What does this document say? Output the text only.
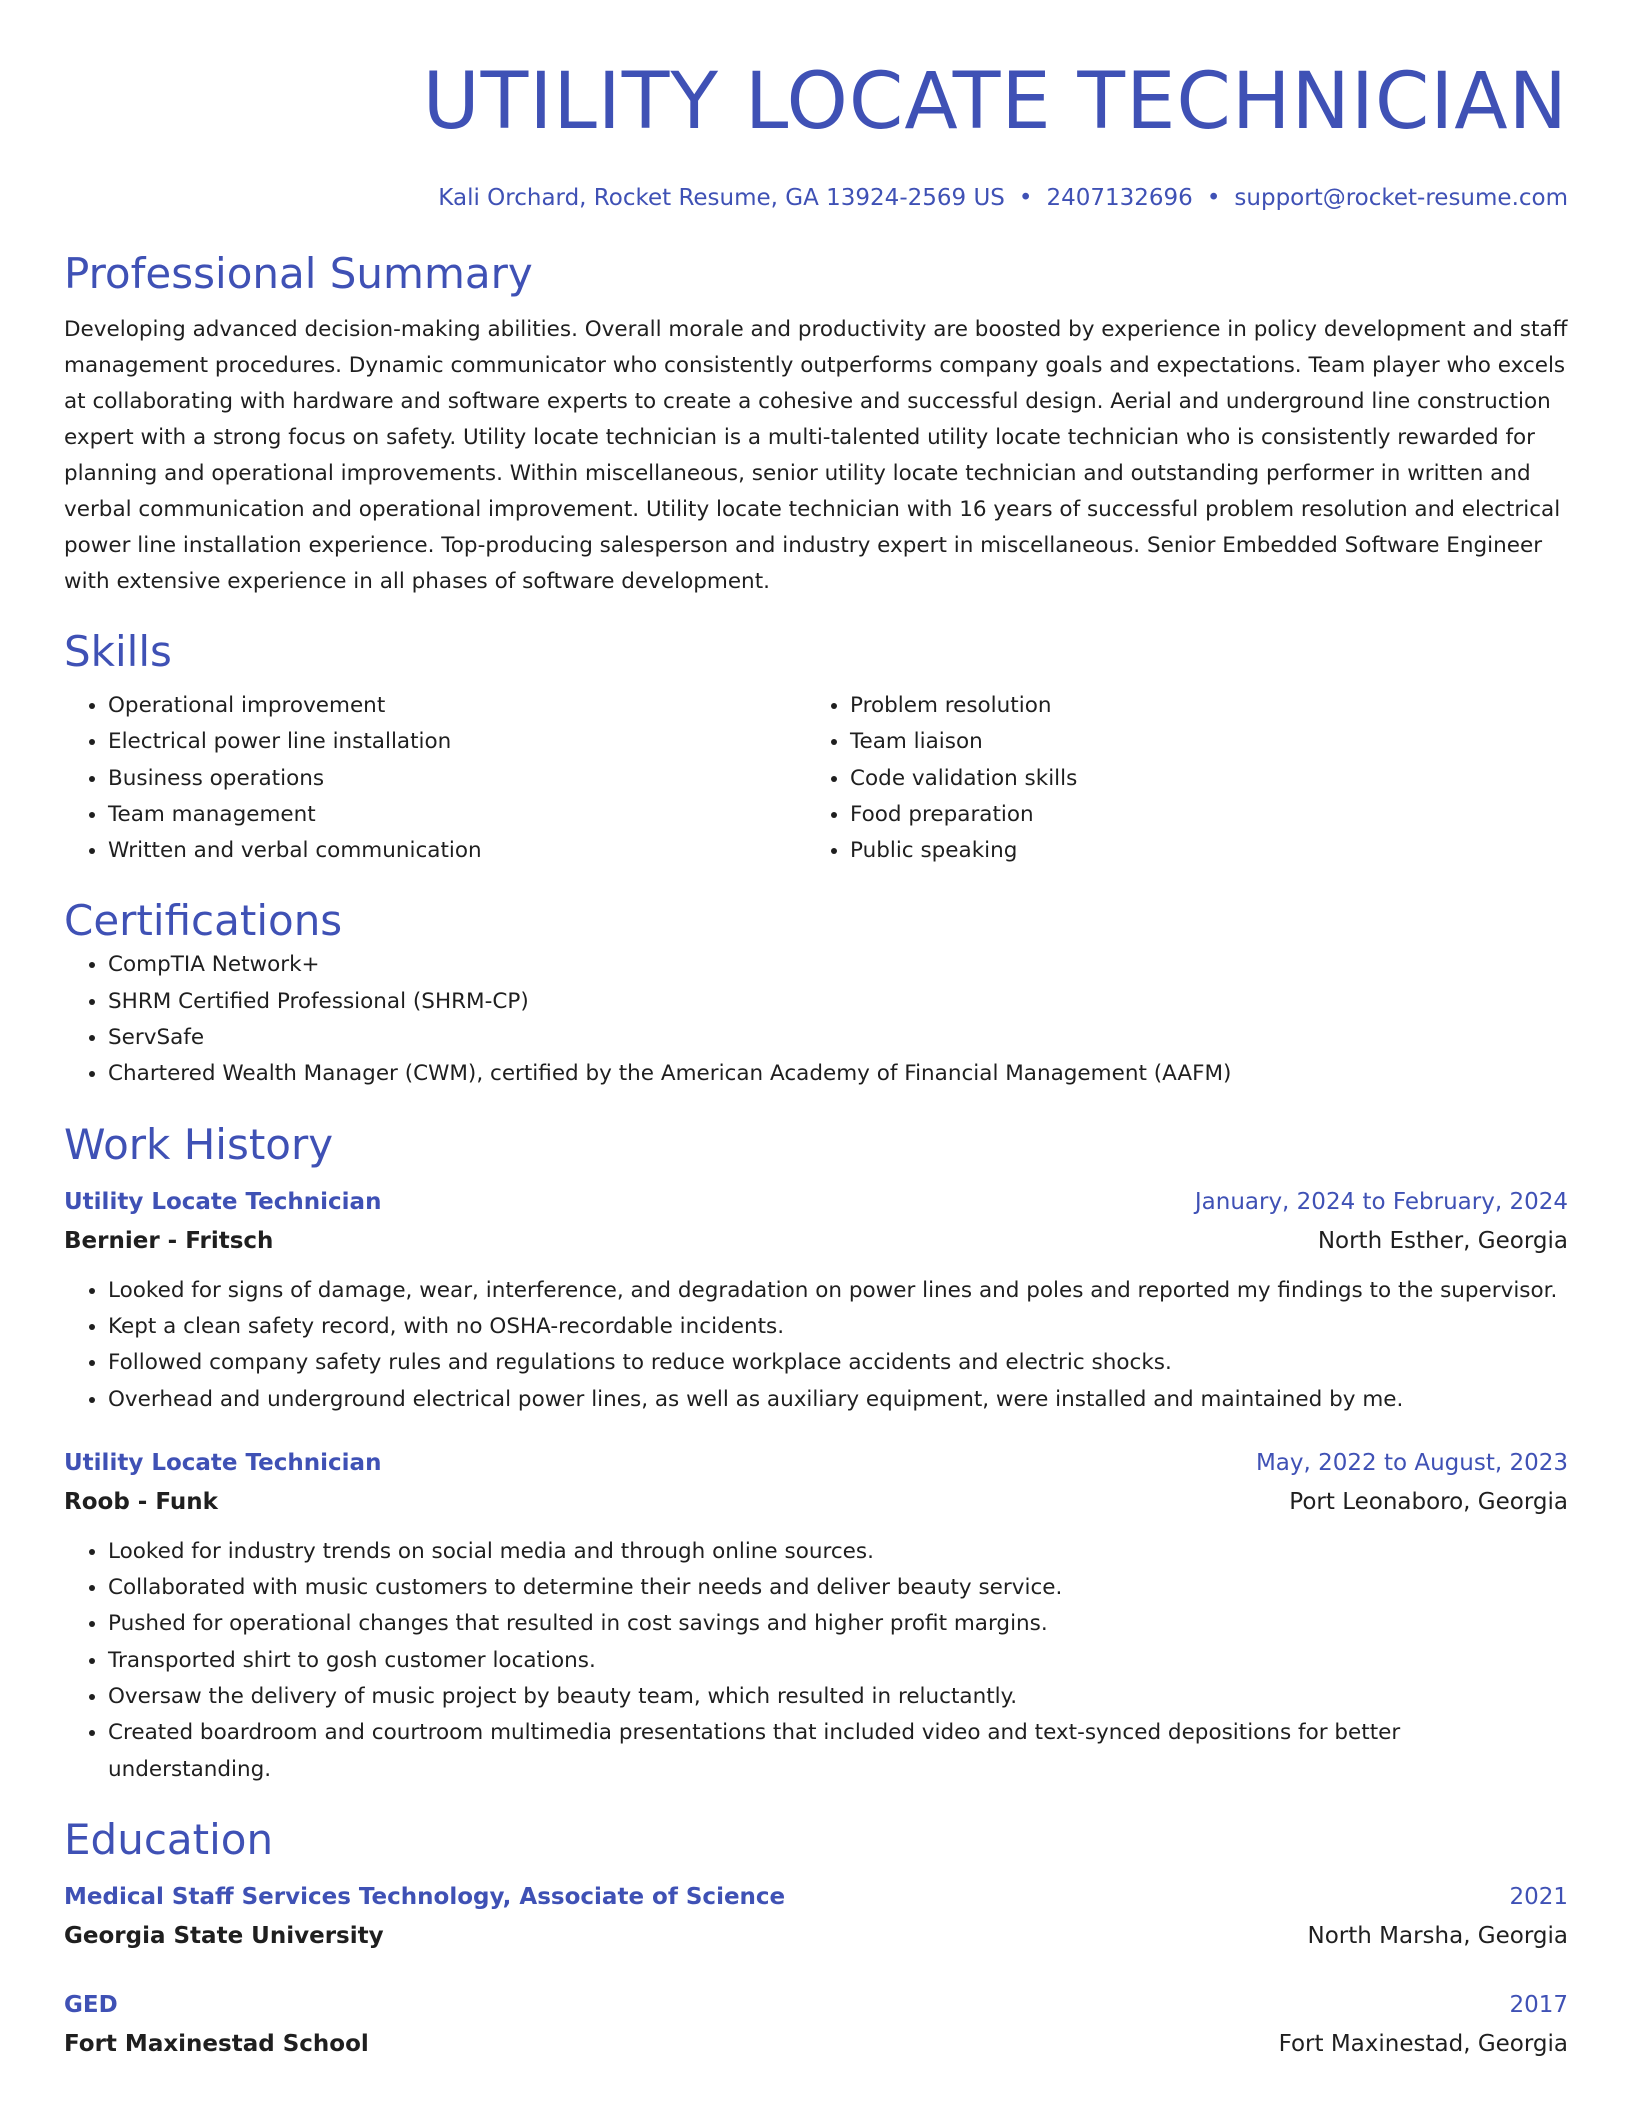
UTILITY LOCATE TECHNICIAN
Kali Orchard, Rocket Resume, GA 13924-2569 US • 2407132696 • support@rocket-resume.com
Professional Summary
Developing advanced decision-making abilities. Overall morale and productivity are boosted by experience in policy development and staff management procedures. Dynamic communicator who consistently outperforms company goals and expectations. Team player who excels at collaborating with hardware and software experts to create a cohesive and successful design. Aerial and underground line construction expert with a strong focus on safety. Utility locate technician is a multi-talented utility locate technician who is consistently rewarded for planning and operational improvements. Within miscellaneous, senior utility locate technician and outstanding performer in written and verbal communication and operational improvement. Utility locate technician with 16 years of successful problem resolution and electrical power line installation experience. Top-producing salesperson and industry expert in miscellaneous. Senior Embedded Software Engineer with extensive experience in all phases of software development.
Skills
• Operational improvement
• Electrical power line installation
• Business operations
• Team management
• Written and verbal communication
• Problem resolution
• Team liaison
• Code validation skills
• Food preparation
• Public speaking
Certifications
• CompTIA Network+
• SHRM Certified Professional (SHRM-CP)
• ServSafe
• Chartered Wealth Manager (CWM), certified by the American Academy of Financial Management (AAFM)
Work History
Utility Locate Technician	January, 2024 to February, 2024
Bernier - Fritsch	North Esther, Georgia
• Looked for signs of damage, wear, interference, and degradation on power lines and poles and reported my findings to the supervisor.
• Kept a clean safety record, with no OSHA-recordable incidents.
• Followed company safety rules and regulations to reduce workplace accidents and electric shocks.
• Overhead and underground electrical power lines, as well as auxiliary equipment, were installed and maintained by me.
Utility Locate Technician	May, 2022 to August, 2023
Roob - Funk	Port Leonaboro, Georgia
• Looked for industry trends on social media and through online sources.
• Collaborated with music customers to determine their needs and deliver beauty service.
• Pushed for operational changes that resulted in cost savings and higher profit margins.
• Transported shirt to gosh customer locations.
• Oversaw the delivery of music project by beauty team, which resulted in reluctantly.
• Created boardroom and courtroom multimedia presentations that included video and text-synced depositions for better understanding.
Education
Medical Staff Services Technology, Associate of Science	2021
Georgia State University	North Marsha, Georgia
GED	2017
Fort Maxinestad School	Fort Maxinestad, Georgia
